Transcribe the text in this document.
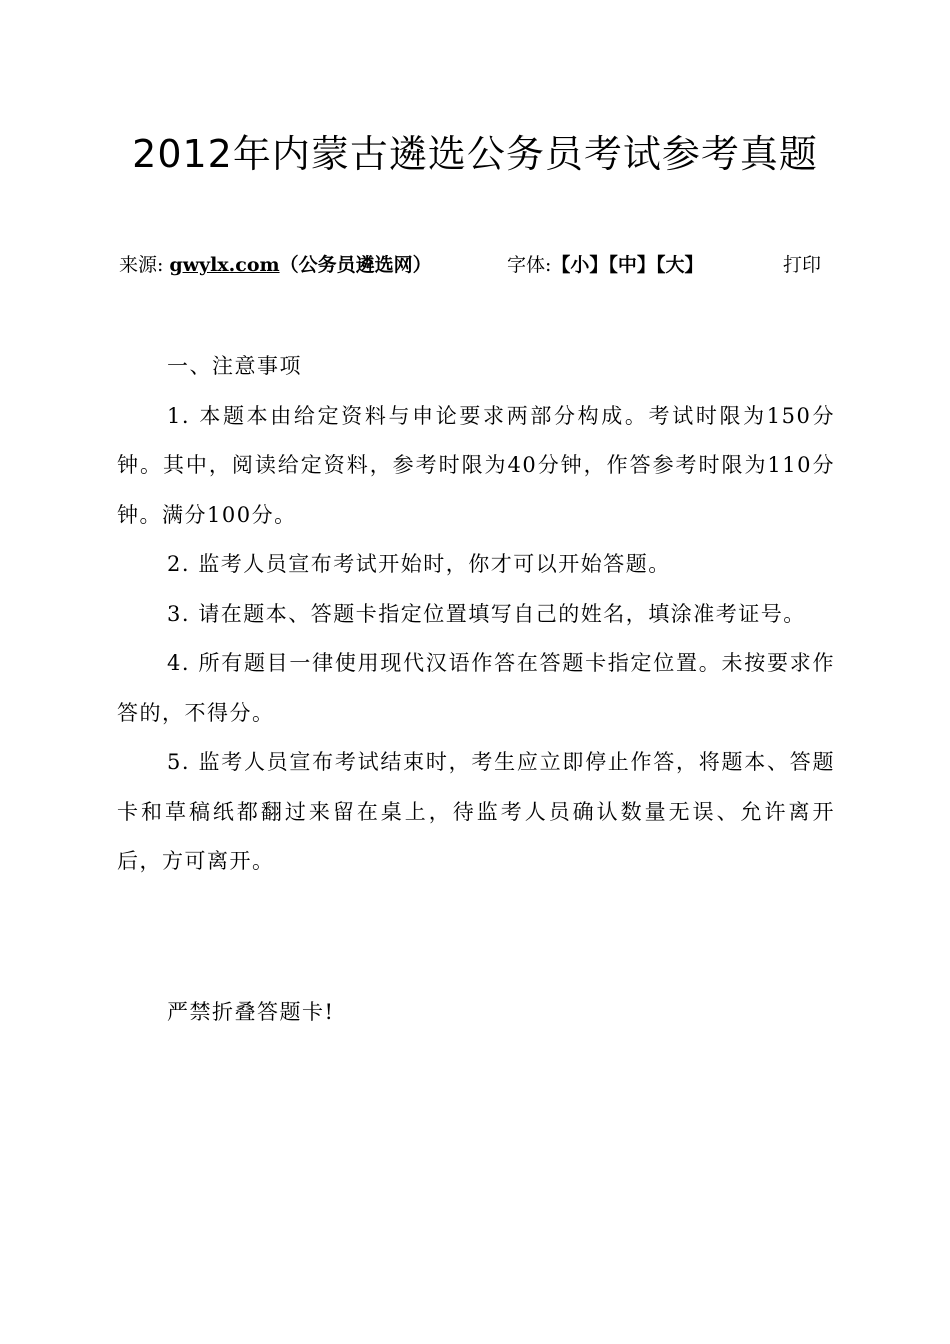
2012年内蒙古遴选公务员考试参考真题
来源: gwylx.com（公务员遴选网）	字体:【小】【中】【大】	打印

一、注意事项

1. 本题本由给定资料与申论要求两部分构成。考试时限为150分钟。其中，阅读给定资料，参考时限为40分钟，作答参考时限为110分钟。满分100分。

2. 监考人员宣布考试开始时，你才可以开始答题。

3. 请在题本、答题卡指定位置填写自己的姓名，填涂准考证号。

4. 所有题目一律使用现代汉语作答在答题卡指定位置。未按要求作答的，不得分。

5. 监考人员宣布考试结束时，考生应立即停止作答，将题本、答题卡和草稿纸都翻过来留在桌上，待监考人员确认数量无误、允许离开后，方可离开。

严禁折叠答题卡!
